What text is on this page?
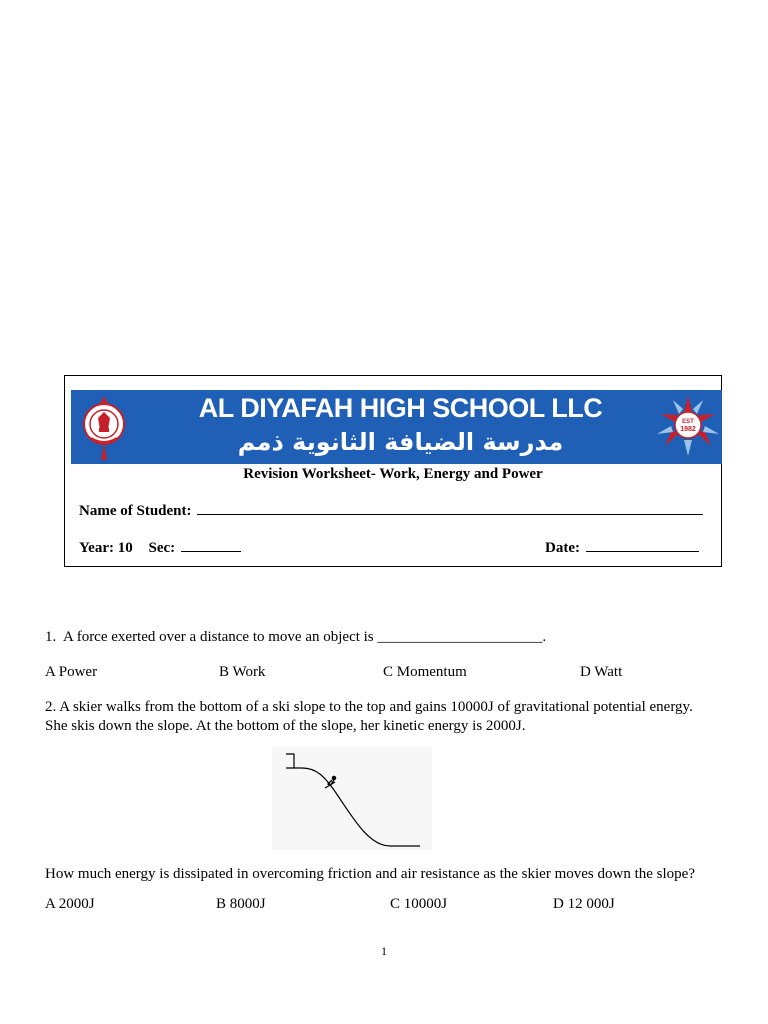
AL DIYAFAH HIGH SCHOOL LLC
مدرسة الضيافة الثانوية ذمم
EST
1982
Revision Worksheet- Work, Energy and Power
Name of Student:
Year: 10 Sec:	Date:
1. A force exerted over a distance to move an object is ______________________.
A Power	B Work	C Momentum	D Watt
2. A skier walks from the bottom of a ski slope to the top and gains 10000J of gravitational potential energy.
She skis down the slope. At the bottom of the slope, her kinetic energy is 2000J.
How much energy is dissipated in overcoming friction and air resistance as the skier moves down the slope?
A 2000J	B 8000J	C 10000J	D 12 000J
1
